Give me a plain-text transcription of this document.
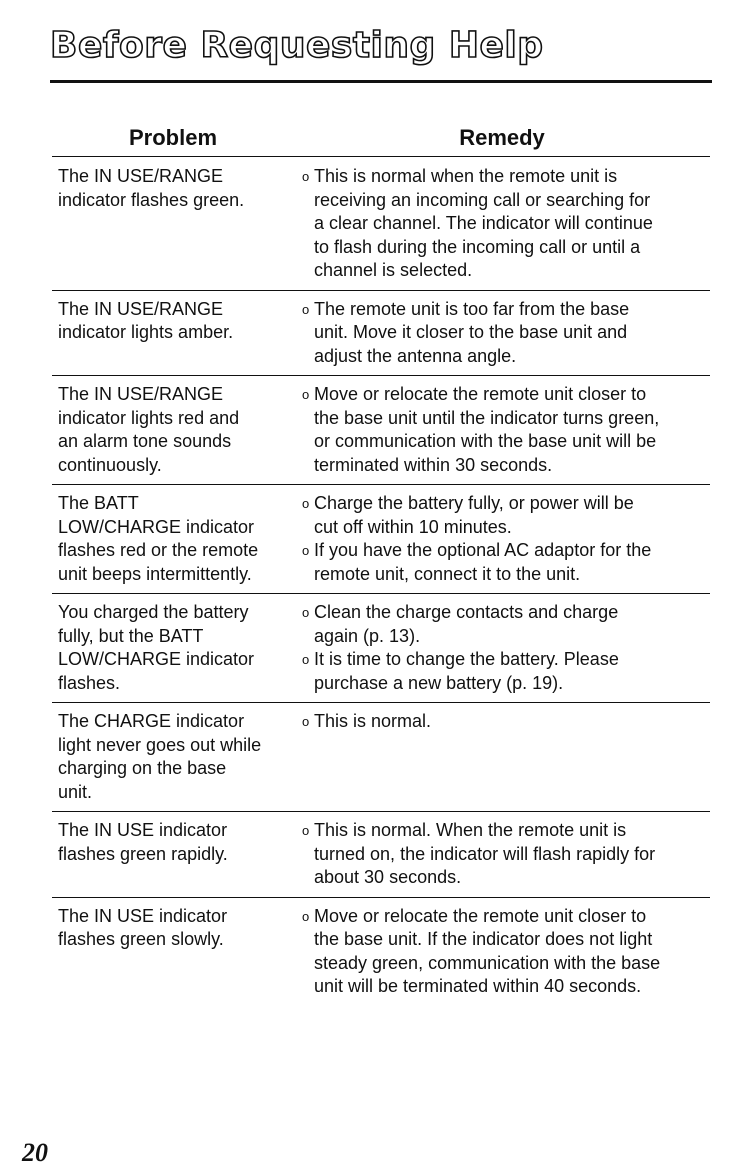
Before Requesting Help
Problem	Remedy
The IN USE/RANGE
indicator flashes green.
o This is normal when the remote unit is
receiving an incoming call or searching for
a clear channel. The indicator will continue
to flash during the incoming call or until a
channel is selected.
The IN USE/RANGE
indicator lights amber.
o The remote unit is too far from the base
unit. Move it closer to the base unit and
adjust the antenna angle.
The IN USE/RANGE
indicator lights red and
an alarm tone sounds
continuously.
o Move or relocate the remote unit closer to
the base unit until the indicator turns green,
or communication with the base unit will be
terminated within 30 seconds.
The BATT
LOW/CHARGE indicator
flashes red or the remote
unit beeps intermittently.
o Charge the battery fully, or power will be
cut off within 10 minutes.
o If you have the optional AC adaptor for the
remote unit, connect it to the unit.
You charged the battery
fully, but the BATT
LOW/CHARGE indicator
flashes.
o Clean the charge contacts and charge
again (p. 13).
o It is time to change the battery. Please
purchase a new battery (p. 19).
The CHARGE indicator
light never goes out while
charging on the base
unit.
o This is normal.
The IN USE indicator
flashes green rapidly.
o This is normal. When the remote unit is
turned on, the indicator will flash rapidly for
about 30 seconds.
The IN USE indicator
flashes green slowly.
o Move or relocate the remote unit closer to
the base unit. If the indicator does not light
steady green, communication with the base
unit will be terminated within 40 seconds.
20
